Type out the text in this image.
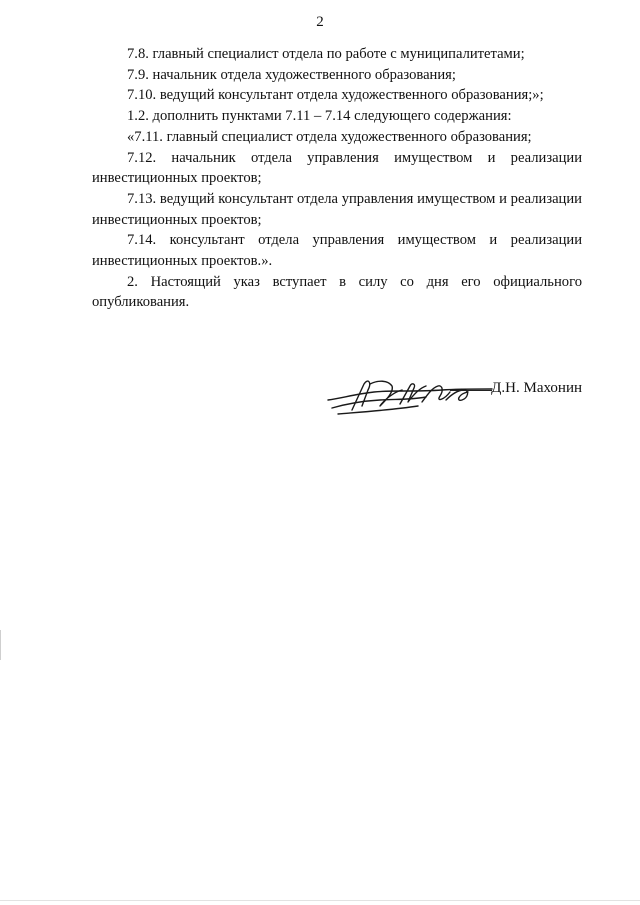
2

7.8. главный специалист отдела по работе с муниципалитетами;

7.9. начальник отдела художественного образования;

7.10. ведущий консультант отдела художественного образования;»;

1.2. дополнить пунктами 7.11 – 7.14 следующего содержания:

«7.11. главный специалист отдела художественного образования;

7.12. начальник отдела управления имуществом и реализации инвестиционных проектов;

7.13. ведущий консультант отдела управления имуществом и реализации инвестиционных проектов;

7.14. консультант отдела управления имуществом и реализации инвестиционных проектов.».

2. Настоящий указ вступает в силу со дня его официального опубликования.

Д.Н. Махонин
